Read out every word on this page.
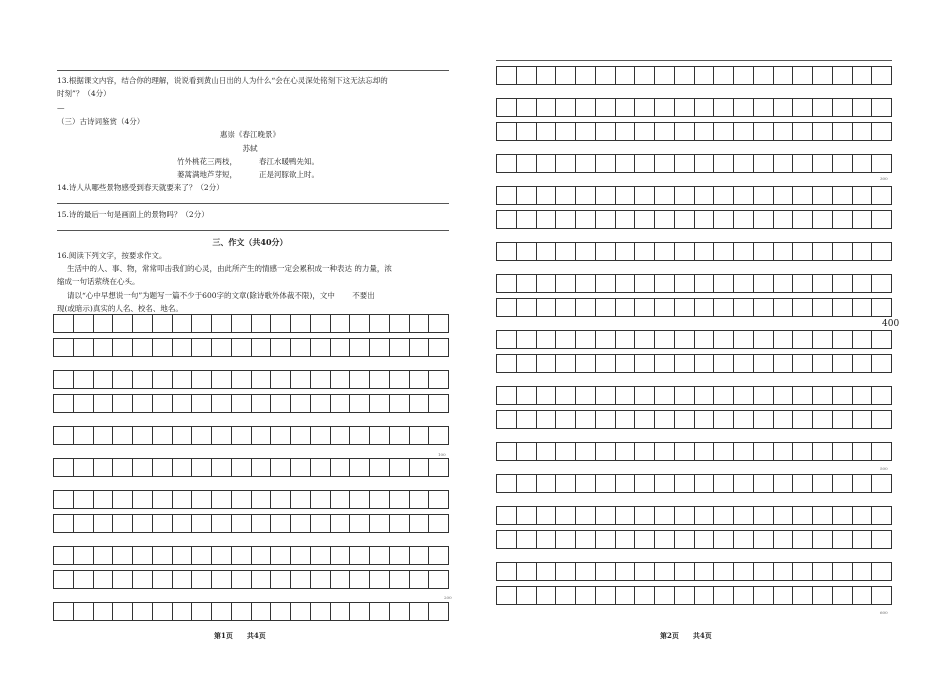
13.根据课文内容，结合你的理解，说说看到黄山日出的人为什么“会在心灵深处铭刻下这无法忘却的
时刻”？（4分）
—
（三）古诗词鉴赏（4分）
惠崇《春江晚景》
苏轼
竹外桃花三两枝，	春江水暖鸭先知。
蒌蒿满地芦芽短，	正是河豚欲上时。
14.诗人从哪些景物感受到春天就要来了？（2分）
15.诗的最后一句是画面上的景物吗？（2分）
三、作文（共40分）
16.阅读下列文字，按要求作文。
生活中的人、事、物，常常叩击我们的心灵，由此所产生的情感一定会累积成一种表达 的力量，浓
缩成一句话萦绕在心头。
请以“心中早想说一句”为题写一篇不少于600字的文章(除诗歌外体裁不限)，文中 　　不要出
现(或暗示)真实的人名、校名、地名。
100
200
第1页　　共4页
300
400
500
600
第2页　　共4页
